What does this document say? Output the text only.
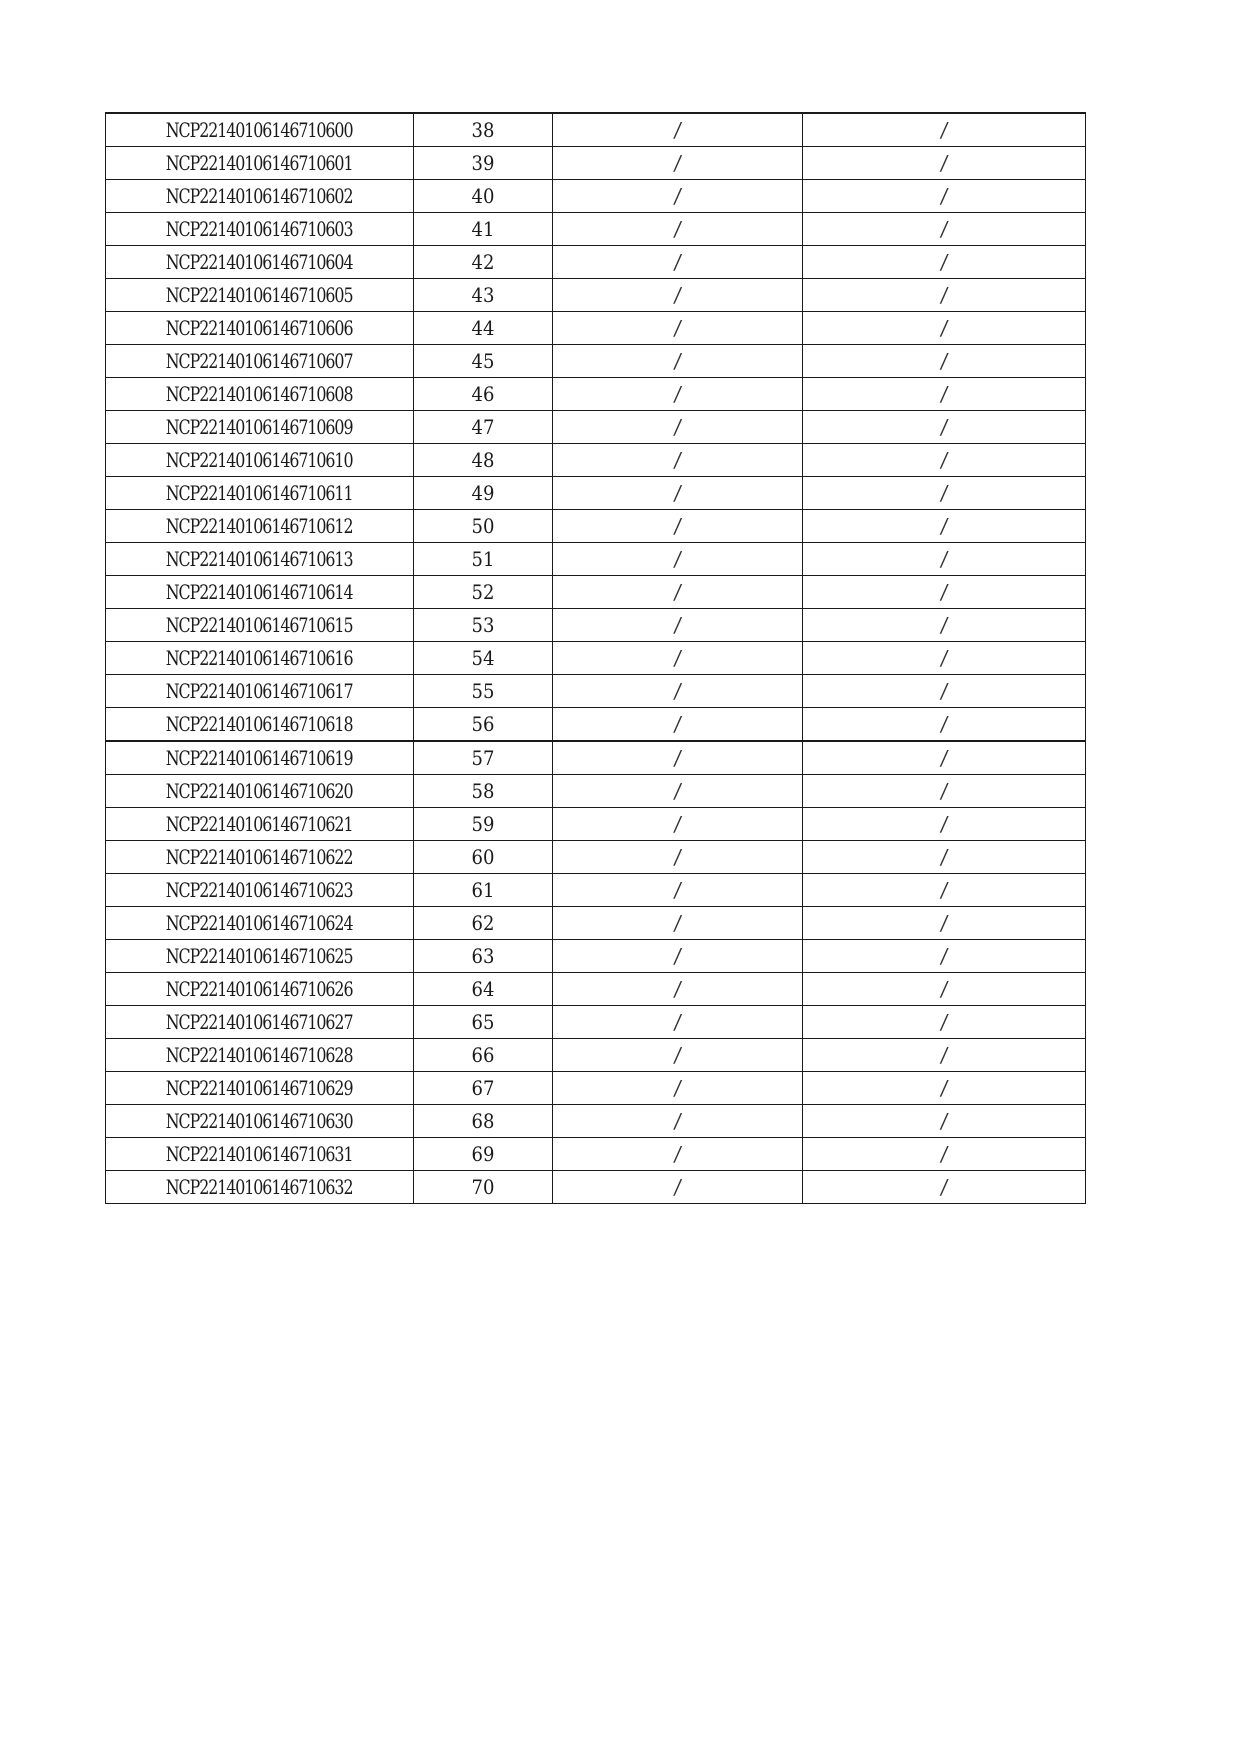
NCP22140106146710600	38	/	/
NCP22140106146710601	39	/	/
NCP22140106146710602	40	/	/
NCP22140106146710603	41	/	/
NCP22140106146710604	42	/	/
NCP22140106146710605	43	/	/
NCP22140106146710606	44	/	/
NCP22140106146710607	45	/	/
NCP22140106146710608	46	/	/
NCP22140106146710609	47	/	/
NCP22140106146710610	48	/	/
NCP22140106146710611	49	/	/
NCP22140106146710612	50	/	/
NCP22140106146710613	51	/	/
NCP22140106146710614	52	/	/
NCP22140106146710615	53	/	/
NCP22140106146710616	54	/	/
NCP22140106146710617	55	/	/
NCP22140106146710618	56	/	/
NCP22140106146710619	57	/	/
NCP22140106146710620	58	/	/
NCP22140106146710621	59	/	/
NCP22140106146710622	60	/	/
NCP22140106146710623	61	/	/
NCP22140106146710624	62	/	/
NCP22140106146710625	63	/	/
NCP22140106146710626	64	/	/
NCP22140106146710627	65	/	/
NCP22140106146710628	66	/	/
NCP22140106146710629	67	/	/
NCP22140106146710630	68	/	/
NCP22140106146710631	69	/	/
NCP22140106146710632	70	/	/
